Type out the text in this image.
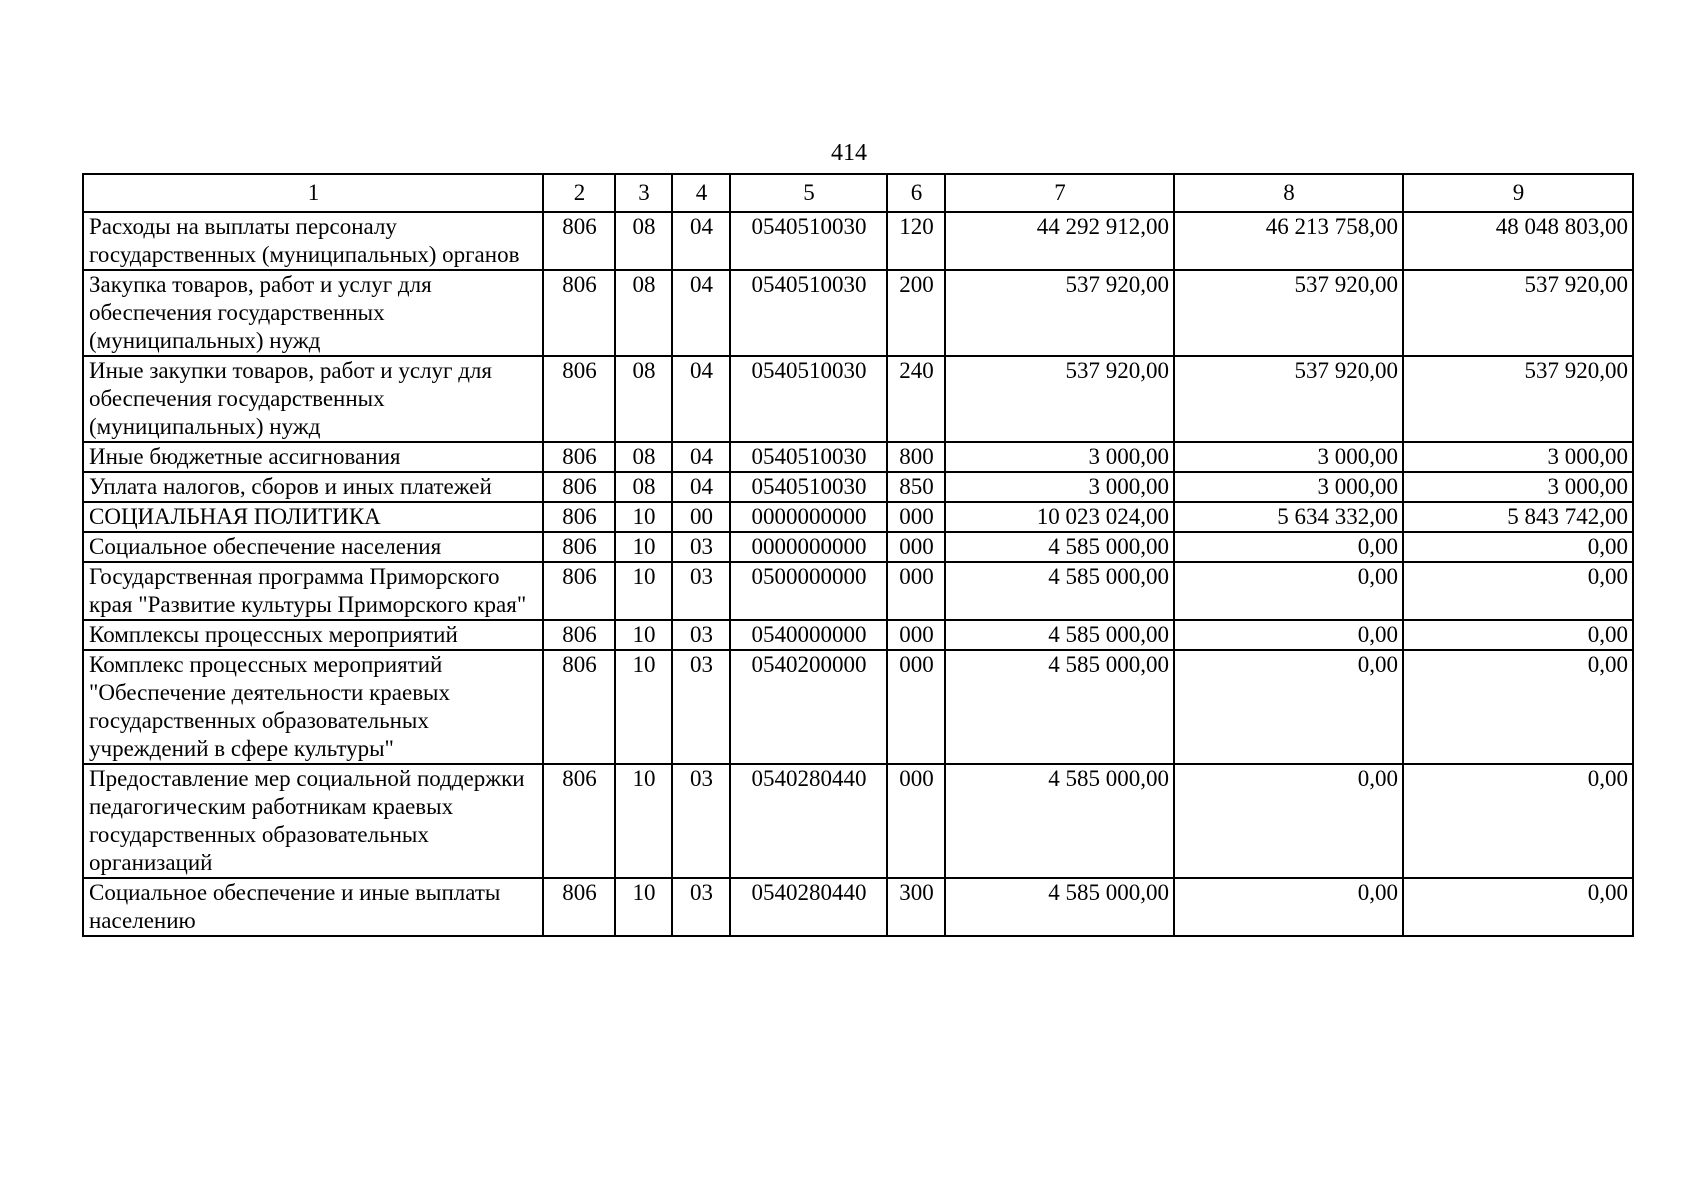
414
1	2	3	4	5	6	7	8	9
Расходы на выплаты персоналу государственных (муниципальных) органов	806	08	04	0540510030	120	44 292 912,00	46 213 758,00	48 048 803,00
Закупка товаров, работ и услуг для обеспечения государственных (муниципальных) нужд	806	08	04	0540510030	200	537 920,00	537 920,00	537 920,00
Иные закупки товаров, работ и услуг для обеспечения государственных (муниципальных) нужд	806	08	04	0540510030	240	537 920,00	537 920,00	537 920,00
Иные бюджетные ассигнования	806	08	04	0540510030	800	3 000,00	3 000,00	3 000,00
Уплата налогов, сборов и иных платежей	806	08	04	0540510030	850	3 000,00	3 000,00	3 000,00
СОЦИАЛЬНАЯ ПОЛИТИКА	806	10	00	0000000000	000	10 023 024,00	5 634 332,00	5 843 742,00
Социальное обеспечение населения	806	10	03	0000000000	000	4 585 000,00	0,00	0,00
Государственная программа Приморского края "Развитие культуры Приморского края"	806	10	03	0500000000	000	4 585 000,00	0,00	0,00
Комплексы процессных мероприятий	806	10	03	0540000000	000	4 585 000,00	0,00	0,00
Комплекс процессных мероприятий "Обеспечение деятельности краевых государственных образовательных учреждений в сфере культуры"	806	10	03	0540200000	000	4 585 000,00	0,00	0,00
Предоставление мер социальной поддержки педагогическим работникам краевых государственных образовательных организаций	806	10	03	0540280440	000	4 585 000,00	0,00	0,00
Социальное обеспечение и иные выплаты населению	806	10	03	0540280440	300	4 585 000,00	0,00	0,00
